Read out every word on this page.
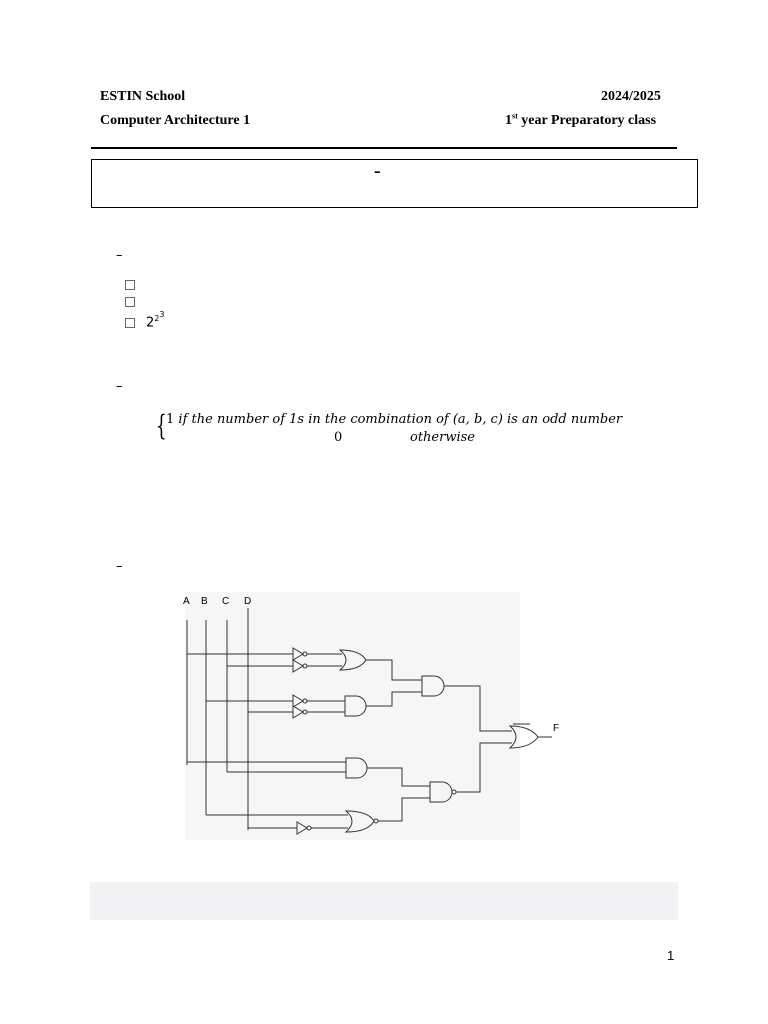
ESTIN School	2024/2025
Computer Architecture 1	1st year Preparatory class
–
–
$2^{23}$
–
{ 1 if the number of 1s in the combination of (a, b, c) is an odd number
0	otherwise
–
A B C D
F
1
